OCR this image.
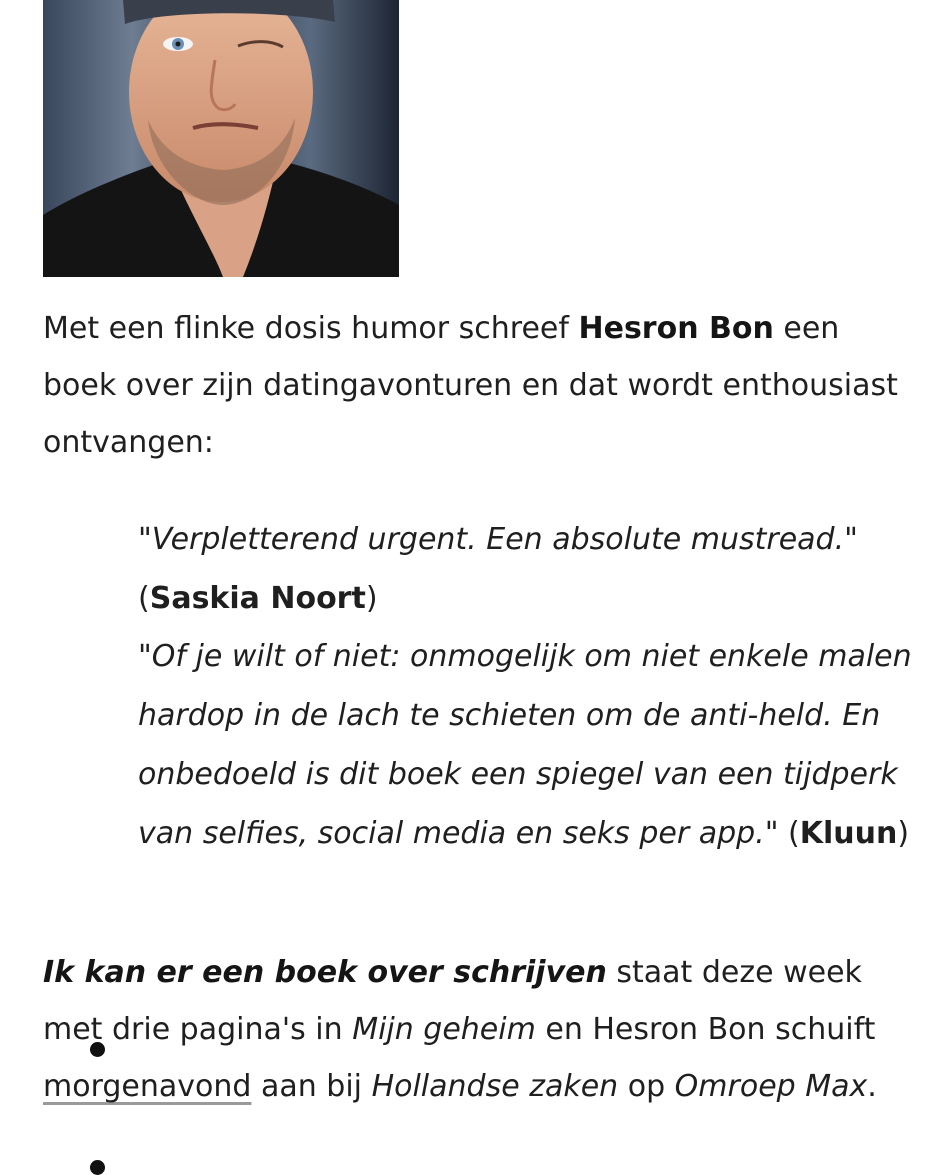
Met een flinke dosis humor schreef Hesron Bon een boek over zijn datingavonturen en dat wordt enthousiast ontvangen:

"Verpletterend urgent. Een absolute mustread." (Saskia Noort)

"Of je wilt of niet: onmogelijk om niet enkele malen hardop in de lach te schieten om de anti-held. En onbedoeld is dit boek een spiegel van een tijdperk van selfies, social media en seks per app." (Kluun)

Ik kan er een boek over schrijven staat deze week met drie pagina's in Mijn geheim en Hesron Bon schuift morgenavond aan bij Hollandse zaken op Omroep Max.
